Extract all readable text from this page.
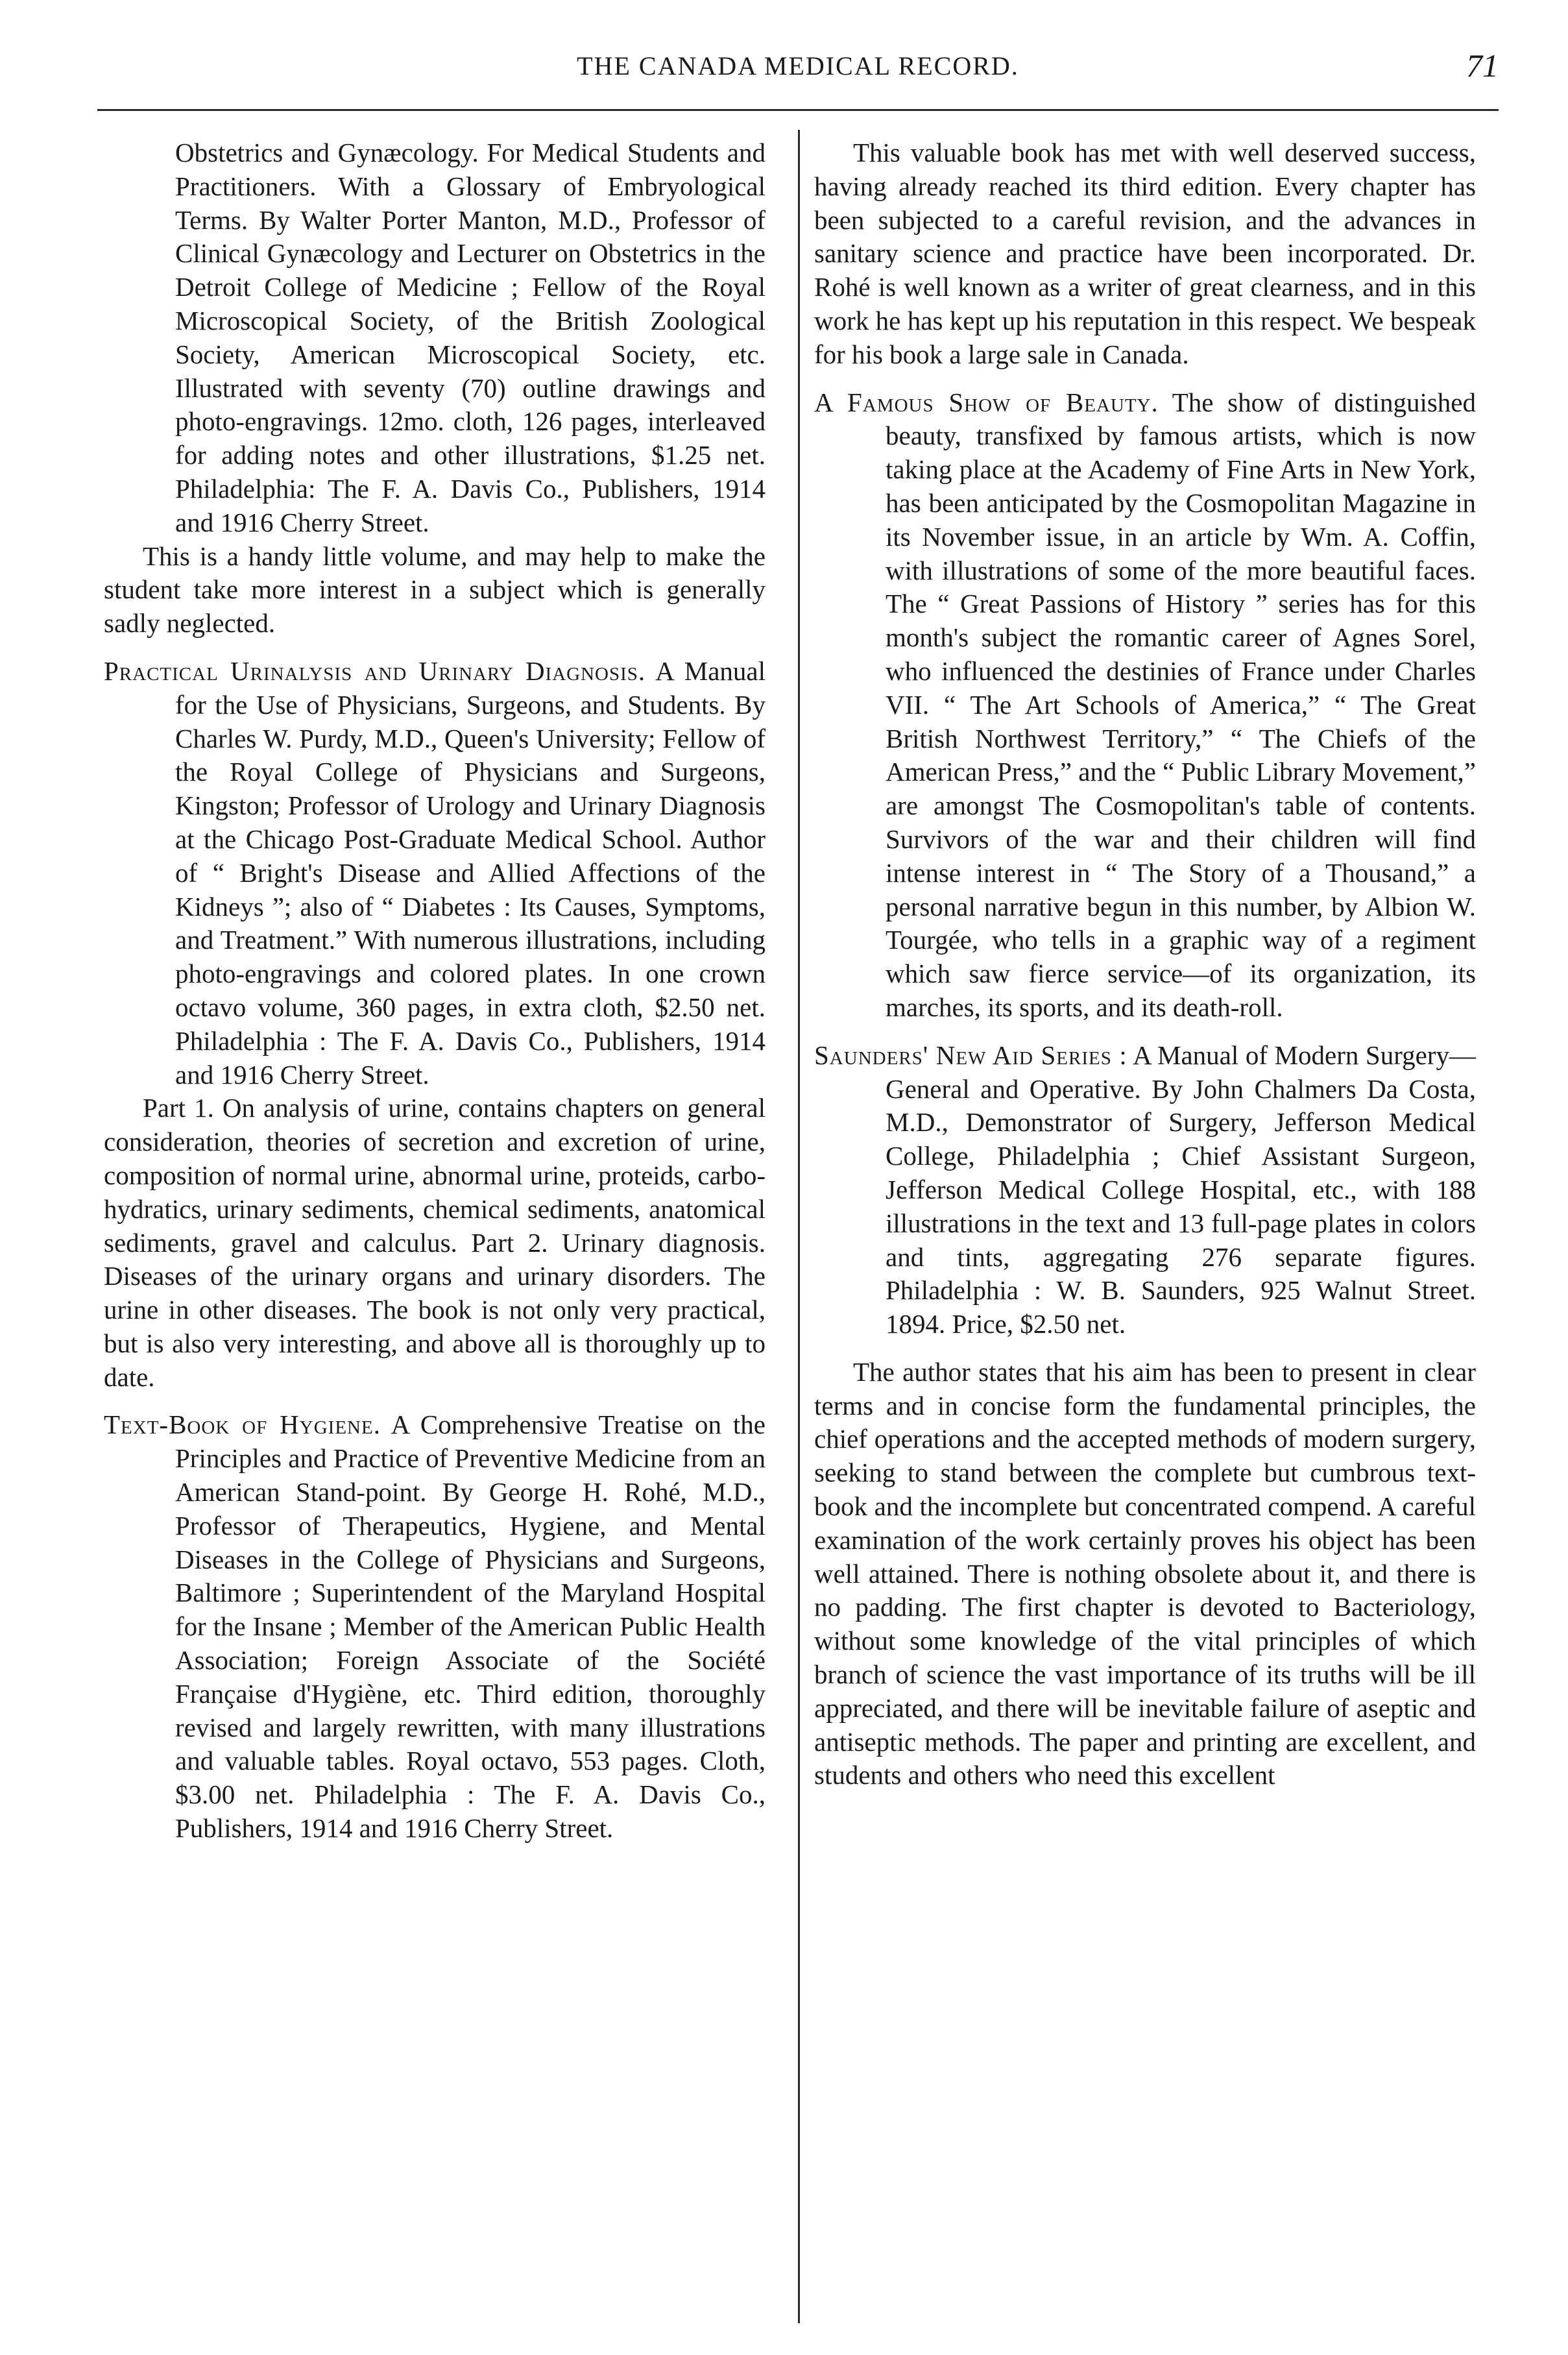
THE CANADA MEDICAL RECORD.	71

Obstetrics and Gynæcology. For Medical Students and Practitioners. With a Glossary of Embryological Terms. By Walter Porter Manton, M.D., Professor of Clinical Gynæcology and Lecturer on Obstetrics in the Detroit College of Medicine ; Fellow of the Royal Microscopical Society, of the British Zoological Society, American Microscopical Society, etc. Illustrated with seventy (70) outline drawings and photo-engravings. 12mo. cloth, 126 pages, interleaved for adding notes and other illustrations, $1.25 net. Philadelphia: The F. A. Davis Co., Publishers, 1914 and 1916 Cherry Street.

This is a handy little volume, and may help to make the student take more interest in a subject which is generally sadly neglected.

Practical Urinalysis and Urinary Diagnosis. A Manual for the Use of Physicians, Surgeons, and Students. By Charles W. Purdy, M.D., Queen's University; Fellow of the Royal College of Physicians and Surgeons, Kingston; Professor of Urology and Urinary Diagnosis at the Chicago Post-Graduate Medical School. Author of “ Bright's Disease and Allied Affections of the Kidneys ”; also of “ Diabetes : Its Causes, Symptoms, and Treatment.” With numerous illustrations, including photo-engravings and colored plates. In one crown octavo volume, 360 pages, in extra cloth, $2.50 net. Philadelphia : The F. A. Davis Co., Publishers, 1914 and 1916 Cherry Street.

Part 1. On analysis of urine, contains chapters on general consideration, theories of secretion and excretion of urine, composition of normal urine, abnormal urine, proteids, carbo-hydratics, urinary sediments, chemical sediments, anatomical sediments, gravel and calculus. Part 2. Urinary diagnosis. Diseases of the urinary organs and urinary disorders. The urine in other diseases. The book is not only very practical, but is also very interesting, and above all is thoroughly up to date.

Text-Book of Hygiene. A Comprehensive Treatise on the Principles and Practice of Preventive Medicine from an American Stand-point. By George H. Rohé, M.D., Professor of Therapeutics, Hygiene, and Mental Diseases in the College of Physicians and Surgeons, Baltimore ; Superintendent of the Maryland Hospital for the Insane ; Member of the American Public Health Association; Foreign Associate of the Société Française d'Hygiène, etc. Third edition, thoroughly revised and largely rewritten, with many illustrations and valuable tables. Royal octavo, 553 pages. Cloth, $3.00 net. Philadelphia : The F. A. Davis Co., Publishers, 1914 and 1916 Cherry Street.

This valuable book has met with well deserved success, having already reached its third edition. Every chapter has been subjected to a careful revision, and the advances in sanitary science and practice have been incorporated. Dr. Rohé is well known as a writer of great clearness, and in this work he has kept up his reputation in this respect. We bespeak for his book a large sale in Canada.

A Famous Show of Beauty. The show of distinguished beauty, transfixed by famous artists, which is now taking place at the Academy of Fine Arts in New York, has been anticipated by the Cosmopolitan Magazine in its November issue, in an article by Wm. A. Coffin, with illustrations of some of the more beautiful faces. The “ Great Passions of History ” series has for this month's subject the romantic career of Agnes Sorel, who influenced the destinies of France under Charles VII. “ The Art Schools of America,” “ The Great British Northwest Territory,” “ The Chiefs of the American Press,” and the “ Public Library Movement,” are amongst The Cosmopolitan's table of contents. Survivors of the war and their children will find intense interest in “ The Story of a Thousand,” a personal narrative begun in this number, by Albion W. Tourgée, who tells in a graphic way of a regiment which saw fierce service—of its organization, its marches, its sports, and its death-roll.

Saunders' New Aid Series : A Manual of Modern Surgery—General and Operative. By John Chalmers Da Costa, M.D., Demonstrator of Surgery, Jefferson Medical College, Philadelphia ; Chief Assistant Surgeon, Jefferson Medical College Hospital, etc., with 188 illustrations in the text and 13 full-page plates in colors and tints, aggregating 276 separate figures. Philadelphia : W. B. Saunders, 925 Walnut Street. 1894. Price, $2.50 net.

The author states that his aim has been to present in clear terms and in concise form the fundamental principles, the chief operations and the accepted methods of modern surgery, seeking to stand between the complete but cumbrous text-book and the incomplete but concentrated compend. A careful examination of the work certainly proves his object has been well attained. There is nothing obsolete about it, and there is no padding. The first chapter is devoted to Bacteriology, without some knowledge of the vital principles of which branch of science the vast importance of its truths will be ill appreciated, and there will be inevitable failure of aseptic and antiseptic methods. The paper and printing are excellent, and students and others who need this excellent
